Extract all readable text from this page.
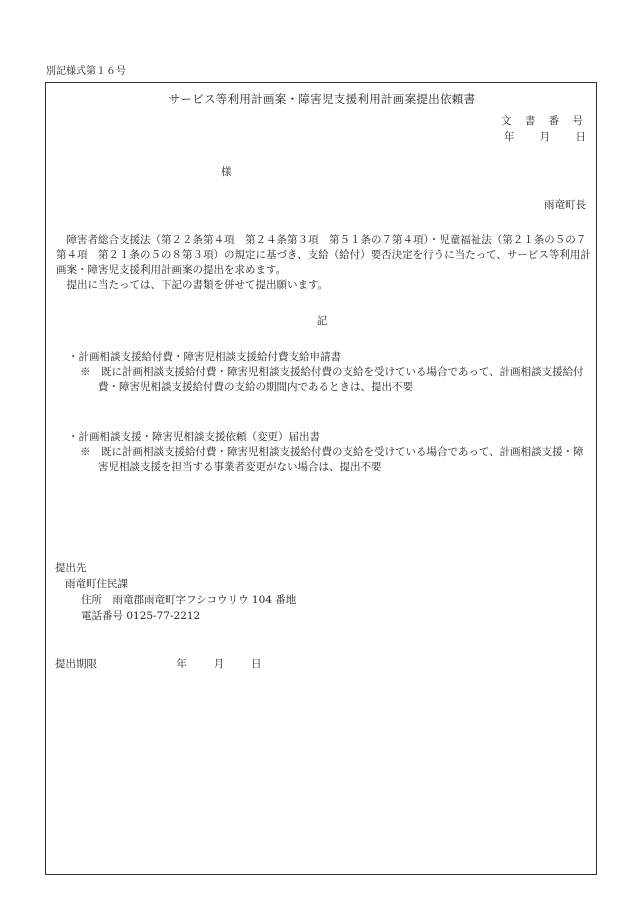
別記様式第１６号
サービス等利用計画案・障害児支援利用計画案提出依頼書
文 書 番 号
年 月 日
様
雨竜町長

障害者総合支援法（第２２条第４項　第２４条第３項　第５１条の７第４項）・児童福祉法（第２１条の５の７第４項　第２１条の５の８第３項）の規定に基づき、支給（給付）要否決定を行うに当たって、サービス等利用計画案・障害児支援利用計画案の提出を求めます。

提出に当たっては、下記の書類を併せて提出願います。

記
・計画相談支援給付費・障害児相談支援給付費支給申請書
※　既に計画相談支援給付費・障害児相談支援給付費の支給を受けている場合であって、計画相談支援給付費・障害児相談支援給付費の支給の期間内であるときは、提出不要
・計画相談支援・障害児相談支援依頼（変更）届出書
※　既に計画相談支援給付費・障害児相談支援給付費の支給を受けている場合であって、計画相談支援・障害児相談支援を担当する事業者変更がない場合は、提出不要
提出先
雨竜町住民課
住所　雨竜郡雨竜町字フシコウリウ 104 番地
電話番号 0125-77-2212
提出期限	年	月	日
